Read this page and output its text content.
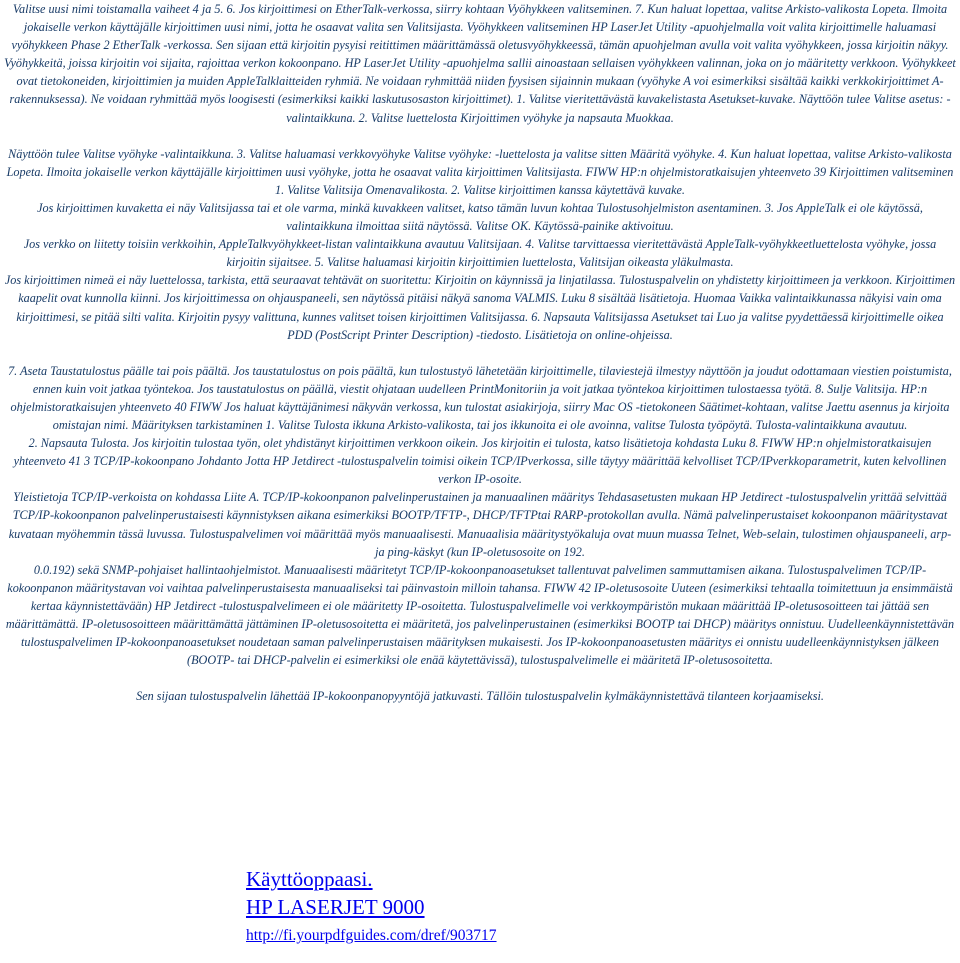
Valitse uusi nimi toistamalla vaiheet 4 ja 5. 6. Jos kirjoittimesi on EtherTalk-verkossa, siirry kohtaan Vyöhykkeen valitseminen. 7. Kun haluat lopettaa, valitse Arkisto-valikosta Lopeta. Ilmoita jokaiselle verkon käyttäjälle kirjoittimen uusi nimi, jotta he osaavat valita sen Valitsijasta. Vyöhykkeen valitseminen HP LaserJet Utility -apuohjelmalla voit valita kirjoittimelle haluamasi vyöhykkeen Phase 2 EtherTalk -verkossa. Sen sijaan että kirjoitin pysyisi reitittimen määrittämässä oletusvyöhykkeessä, tämän apuohjelman avulla voit valita vyöhykkeen, jossa kirjoitin näkyy. Vyöhykkeitä, joissa kirjoitin voi sijaita, rajoittaa verkon kokoonpano. HP LaserJet Utility -apuohjelma sallii ainoastaan sellaisen vyöhykkeen valinnan, joka on jo määritetty verkkoon. Vyöhykkeet ovat tietokoneiden, kirjoittimien ja muiden AppleTalklaitteiden ryhmiä. Ne voidaan ryhmittää niiden fyysisen sijainnin mukaan (vyöhyke A voi esimerkiksi sisältää kaikki verkkokirjoittimet A-rakennuksessa). Ne voidaan ryhmittää myös loogisesti (esimerkiksi kaikki laskutusosaston kirjoittimet). 1. Valitse vieritettävästä kuvakelistasta Asetukset-kuvake. Näyttöön tulee Valitse asetus: -valintaikkuna. 2. Valitse luettelosta Kirjoittimen vyöhyke ja napsauta Muokkaa.

Näyttöön tulee Valitse vyöhyke -valintaikkuna. 3. Valitse haluamasi verkkovyöhyke Valitse vyöhyke: -luettelosta ja valitse sitten Määritä vyöhyke. 4. Kun haluat lopettaa, valitse Arkisto-valikosta Lopeta. Ilmoita jokaiselle verkon käyttäjälle kirjoittimen uusi vyöhyke, jotta he osaavat valita kirjoittimen Valitsijasta. FIWW HP:n ohjelmistoratkaisujen yhteenveto 39 Kirjoittimen valitseminen 1. Valitse Valitsija Omenavalikosta. 2. Valitse kirjoittimen kanssa käytettävä kuvake.

Jos kirjoittimen kuvaketta ei näy Valitsijassa tai et ole varma, minkä kuvakkeen valitset, katso tämän luvun kohtaa Tulostusohjelmiston asentaminen. 3. Jos AppleTalk ei ole käytössä, valintaikkuna ilmoittaa siitä näytössä. Valitse OK. Käytössä-painike aktivoituu.

Jos verkko on liitetty toisiin verkkoihin, AppleTalkvyöhykkeet-listan valintaikkuna avautuu Valitsijaan. 4. Valitse tarvittaessa vieritettävästä AppleTalk-vyöhykkeetluettelosta vyöhyke, jossa kirjoitin sijaitsee. 5. Valitse haluamasi kirjoitin kirjoittimien luettelosta, Valitsijan oikeasta yläkulmasta.

Jos kirjoittimen nimeä ei näy luettelossa, tarkista, että seuraavat tehtävät on suoritettu: Kirjoitin on käynnissä ja linjatilassa. Tulostuspalvelin on yhdistetty kirjoittimeen ja verkkoon. Kirjoittimen kaapelit ovat kunnolla kiinni. Jos kirjoittimessa on ohjauspaneeli, sen näytössä pitäisi näkyä sanoma VALMIS. Luku 8 sisältää lisätietoja. Huomaa Vaikka valintaikkunassa näkyisi vain oma kirjoittimesi, se pitää silti valita. Kirjoitin pysyy valittuna, kunnes valitset toisen kirjoittimen Valitsijassa. 6. Napsauta Valitsijassa Asetukset tai Luo ja valitse pyydettäessä kirjoittimelle oikea PDD (PostScript Printer Description) -tiedosto. Lisätietoja on online-ohjeissa.

7. Aseta Taustatulostus päälle tai pois päältä. Jos taustatulostus on pois päältä, kun tulostustyö lähetetään kirjoittimelle, tilaviestejä ilmestyy näyttöön ja joudut odottamaan viestien poistumista, ennen kuin voit jatkaa työntekoa. Jos taustatulostus on päällä, viestit ohjataan uudelleen PrintMonitoriin ja voit jatkaa työntekoa kirjoittimen tulostaessa työtä. 8. Sulje Valitsija. HP:n ohjelmistoratkaisujen yhteenveto 40 FIWW Jos haluat käyttäjänimesi näkyvän verkossa, kun tulostat asiakirjoja, siirry Mac OS -tietokoneen Säätimet-kohtaan, valitse Jaettu asennus ja kirjoita omistajan nimi. Määrityksen tarkistaminen 1. Valitse Tulosta ikkuna Arkisto-valikosta, tai jos ikkunoita ei ole avoinna, valitse Tulosta työpöytä. Tulosta-valintaikkuna avautuu.

2. Napsauta Tulosta. Jos kirjoitin tulostaa työn, olet yhdistänyt kirjoittimen verkkoon oikein. Jos kirjoitin ei tulosta, katso lisätietoja kohdasta Luku 8. FIWW HP:n ohjelmistoratkaisujen yhteenveto 41 3 TCP/IP-kokoonpano Johdanto Jotta HP Jetdirect -tulostuspalvelin toimisi oikein TCP/IPverkossa, sille täytyy määrittää kelvolliset TCP/IPverkkoparametrit, kuten kelvollinen verkon IP-osoite.

Yleistietoja TCP/IP-verkoista on kohdassa Liite A. TCP/IP-kokoonpanon palvelinperustainen ja manuaalinen määritys Tehdasasetusten mukaan HP Jetdirect -tulostuspalvelin yrittää selvittää TCP/IP-kokoonpanon palvelinperustaisesti käynnistyksen aikana esimerkiksi BOOTP/TFTP-, DHCP/TFTPtai RARP-protokollan avulla. Nämä palvelinperustaiset kokoonpanon määritystavat kuvataan myöhemmin tässä luvussa. Tulostuspalvelimen voi määrittää myös manuaalisesti. Manuaalisia määritystyökaluja ovat muun muassa Telnet, Web-selain, tulostimen ohjauspaneeli, arp- ja ping-käskyt (kun IP-oletusosoite on 192.

0.0.192) sekä SNMP-pohjaiset hallintaohjelmistot. Manuaalisesti määritetyt TCP/IP-kokoonpanoasetukset tallentuvat palvelimen sammuttamisen aikana. Tulostuspalvelimen TCP/IP-kokoonpanon määritystavan voi vaihtaa palvelinperustaisesta manuaaliseksi tai päinvastoin milloin tahansa. FIWW 42 IP-oletusosoite Uuteen (esimerkiksi tehtaalla toimitettuun ja ensimmäistä kertaa käynnistettävään) HP Jetdirect -tulostuspalvelimeen ei ole määritetty IP-osoitetta. Tulostuspalvelimelle voi verkkoympäristön mukaan määrittää IP-oletusosoitteen tai jättää sen määrittämättä. IP-oletusosoitteen määrittämättä jättäminen IP-oletusosoitetta ei määritetä, jos palvelinperustainen (esimerkiksi BOOTP tai DHCP) määritys onnistuu. Uudelleenkäynnistettävän tulostuspalvelimen IP-kokoonpanoasetukset noudetaan saman palvelinperustaisen määrityksen mukaisesti. Jos IP-kokoonpanoasetusten määritys ei onnistu uudelleenkäynnistyksen jälkeen (BOOTP- tai DHCP-palvelin ei esimerkiksi ole enää käytettävissä), tulostuspalvelimelle ei määritetä IP-oletusosoitetta.

Sen sijaan tulostuspalvelin lähettää IP-kokoonpanopyyntöjä jatkuvasti. Tällöin tulostuspalvelin kylmäkäynnistettävä tilanteen korjaamiseksi.

Käyttöoppaasi.
HP LASERJET 9000
http://fi.yourpdfguides.com/dref/903717
